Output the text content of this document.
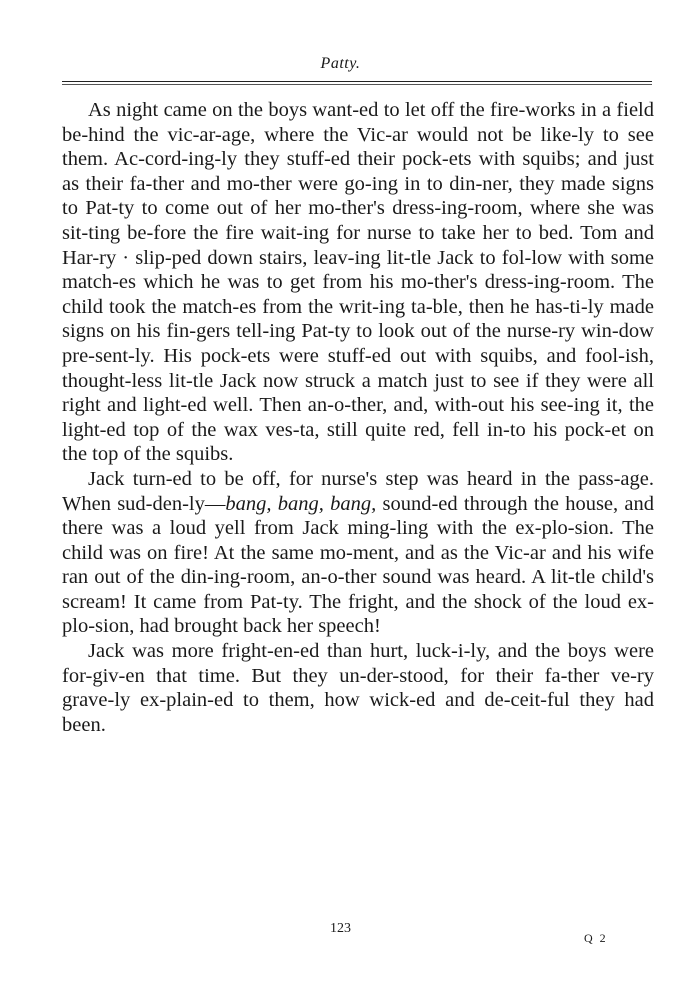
Patty.

As night came on the boys want-ed to let off the fire-works in a field be-hind the vic-ar-age, where the Vic-ar would not be like-ly to see them. Ac-cord-ing-ly they stuff-ed their pock-ets with squibs; and just as their fa-ther and mo-ther were go-ing in to din-ner, they made signs to Pat-ty to come out of her mo-ther's dress-ing-room, where she was sit-ting be-fore the fire wait-ing for nurse to take her to bed. Tom and Har-ry · slip-ped down stairs, leav-ing lit-tle Jack to fol-low with some match-es which he was to get from his mo-ther's dress-ing-room. The child took the match-es from the writ-ing ta-ble, then he has-ti-ly made signs on his fin-gers tell-ing Pat-ty to look out of the nurse-ry win-dow pre-sent-ly. His pock-ets were stuff-ed out with squibs, and fool-ish, thought-less lit-tle Jack now struck a match just to see if they were all right and light-ed well. Then an-o-ther, and, with-out his see-ing it, the light-ed top of the wax ves-ta, still quite red, fell in-to his pock-et on the top of the squibs.

Jack turn-ed to be off, for nurse's step was heard in the pass-age. When sud-den-ly—bang, bang, bang, sound-ed through the house, and there was a loud yell from Jack ming-ling with the ex-plo-sion. The child was on fire! At the same mo-ment, and as the Vic-ar and his wife ran out of the din-ing-room, an-o-ther sound was heard. A lit-tle child's scream! It came from Pat-ty. The fright, and the shock of the loud ex-plo-sion, had brought back her speech!

Jack was more fright-en-ed than hurt, luck-i-ly, and the boys were for-giv-en that time. But they un-der-stood, for their fa-ther ve-ry grave-ly ex-plain-ed to them, how wick-ed and de-ceit-ful they had been.

123
Q 2
